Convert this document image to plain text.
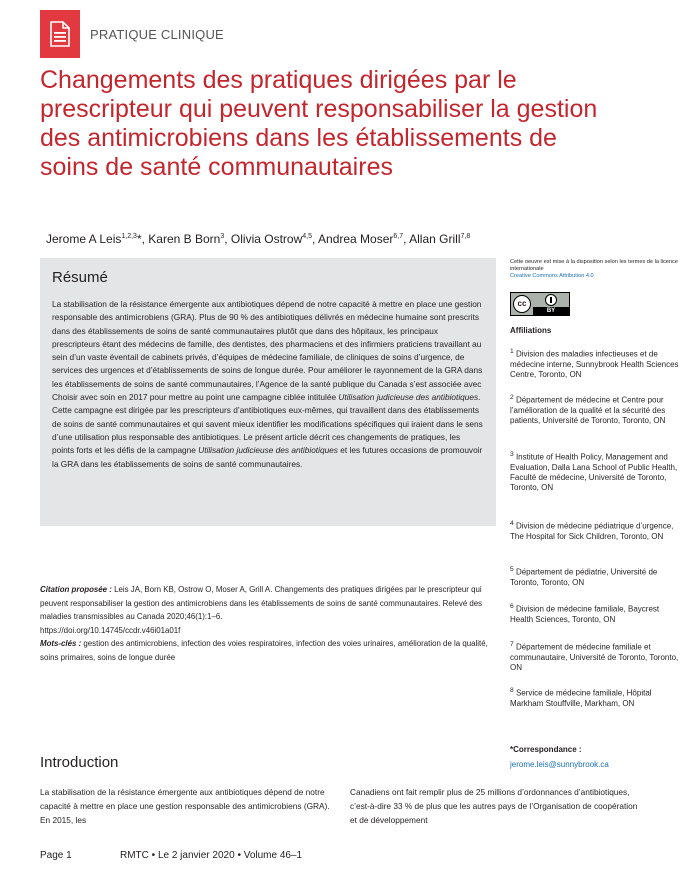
PRATIQUE CLINIQUE
Changements des pratiques dirigées par le prescripteur qui peuvent responsabiliser la gestion des antimicrobiens dans les établissements de soins de santé communautaires
Jerome A Leis$^{1,2,3}$*, Karen B Born$^3$, Olivia Ostrow$^{4,5}$, Andrea Moser$^{6,7}$, Allan Grill$^{7,8}$
Résumé
La stabilisation de la résistance émergente aux antibiotiques dépend de notre capacité à mettre en place une gestion responsable des antimicrobiens (GRA). Plus de 90 % des antibiotiques délivrés en médecine humaine sont prescrits dans des établissements de soins de santé communautaires plutôt que dans des hôpitaux, les principaux prescripteurs étant des médecins de famille, des dentistes, des pharmaciens et des infirmiers praticiens travaillant au sein d’un vaste éventail de cabinets privés, d’équipes de médecine familiale, de cliniques de soins d’urgence, de services des urgences et d’établissements de soins de longue durée. Pour améliorer le rayonnement de la GRA dans les établissements de soins de santé communautaires, l’Agence de la santé publique du Canada s’est associée avec Choisir avec soin en 2017 pour mettre au point une campagne ciblée intitulée Utilisation judicieuse des antibiotiques. Cette campagne est dirigée par les prescripteurs d’antibiotiques eux-mêmes, qui travaillent dans des établissements de soins de santé communautaires et qui savent mieux identifier les modifications spécifiques qui iraient dans le sens d’une utilisation plus responsable des antibiotiques. Le présent article décrit ces changements de pratiques, les points forts et les défis de la campagne Utilisation judicieuse des antibiotiques et les futures occasions de promouvoir la GRA dans les établissements de soins de santé communautaires.
Cette oeuvre est mise à la disposition selon les termes de la licence internationale
Creative Commons Attribution 4.0
cc
BY
Affiliations
$^1$ Division des maladies infectieuses et de médecine interne, Sunnybrook Health Sciences Centre, Toronto, ON
$^2$ Département de médecine et Centre pour l’amélioration de la qualité et la sécurité des patients, Université de Toronto, Toronto, ON
$^3$ Institute of Health Policy, Management and Evaluation, Dalla Lana School of Public Health, Faculté de médecine, Université de Toronto, Toronto, ON
$^4$ Division de médecine pédiatrique d’urgence, The Hospital for Sick Children, Toronto, ON
$^5$ Département de pédiatrie, Université de Toronto, Toronto, ON
$^6$ Division de médecine familiale, Baycrest Health Sciences, Toronto, ON
$^7$ Département de médecine familiale et communautaire, Université de Toronto, Toronto, ON
$^8$ Service de médecine familiale, Hôpital Markham Stouffville, Markham, ON
*Correspondance :
jerome.leis@sunnybrook.ca
Citation proposée : Leis JA, Born KB, Ostrow O, Moser A, Grill A. Changements des pratiques dirigées par le prescripteur qui peuvent responsabiliser la gestion des antimicrobiens dans les établissements de soins de santé communautaires. Relevé des maladies transmissibles au Canada 2020;46(1):1–6.
https://doi.org/10.14745/ccdr.v46i01a01f
Mots-clés : gestion des antimicrobiens, infection des voies respiratoires, infection des voies urinaires, amélioration de la qualité, soins primaires, soins de longue durée
Introduction
La stabilisation de la résistance émergente aux antibiotiques dépend de notre capacité à mettre en place une gestion responsable des antimicrobiens (GRA). En 2015, les
Canadiens ont fait remplir plus de 25 millions d’ordonnances d’antibiotiques, c’est-à-dire 33 % de plus que les autres pays de l’Organisation de coopération et de développement
Page 1	RMTC • Le 2 janvier 2020 • Volume 46–1
